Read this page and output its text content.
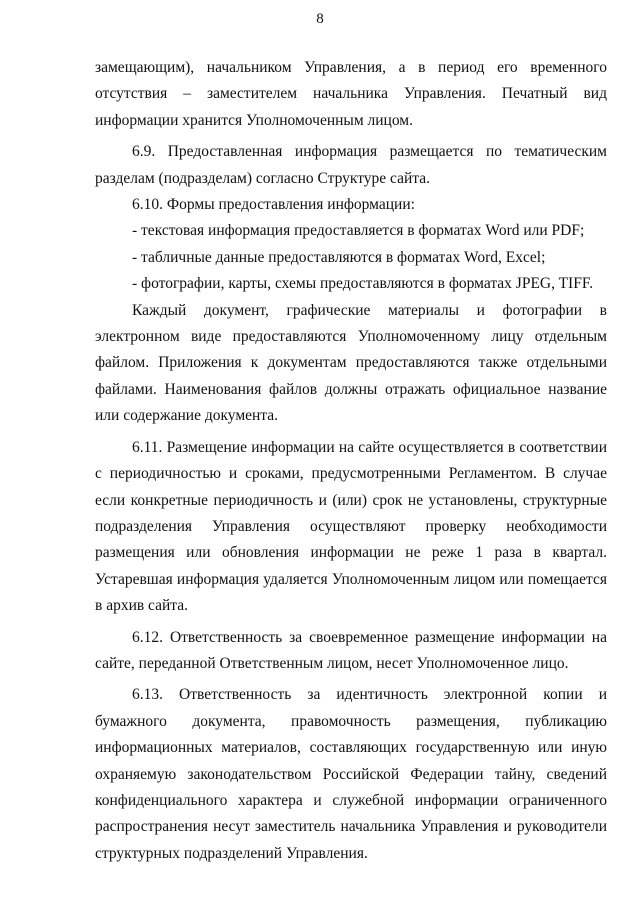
8

замещающим), начальником Управления, а в период его временного отсутствия – заместителем начальника Управления. Печатный вид информации хранится Уполномоченным лицом.

6.9. Предоставленная информация размещается по тематическим разделам (подразделам) согласно Структуре сайта.

6.10. Формы предоставления информации:

- текстовая информация предоставляется в форматах Word или PDF;

- табличные данные предоставляются в форматах Word, Excel;

- фотографии, карты, схемы предоставляются в форматах JPEG, TIFF.

Каждый документ, графические материалы и фотографии в электронном виде предоставляются Уполномоченному лицу отдельным файлом. Приложения к документам предоставляются также отдельными файлами. Наименования файлов должны отражать официальное название или содержание документа.

6.11. Размещение информации на сайте осуществляется в соответствии с периодичностью и сроками, предусмотренными Регламентом. В случае если конкретные периодичность и (или) срок не установлены, структурные подразделения Управления осуществляют проверку необходимости размещения или обновления информации не реже 1 раза в квартал. Устаревшая информация удаляется Уполномоченным лицом или помещается в архив сайта.

6.12. Ответственность за своевременное размещение информации на сайте, переданной Ответственным лицом, несет Уполномоченное лицо.

6.13. Ответственность за идентичность электронной копии и бумажного документа, правомочность размещения, публикацию информационных материалов, составляющих государственную или иную охраняемую законодательством Российской Федерации тайну, сведений конфиденциального характера и служебной информации ограниченного распространения несут заместитель начальника Управления и руководители структурных подразделений Управления.
